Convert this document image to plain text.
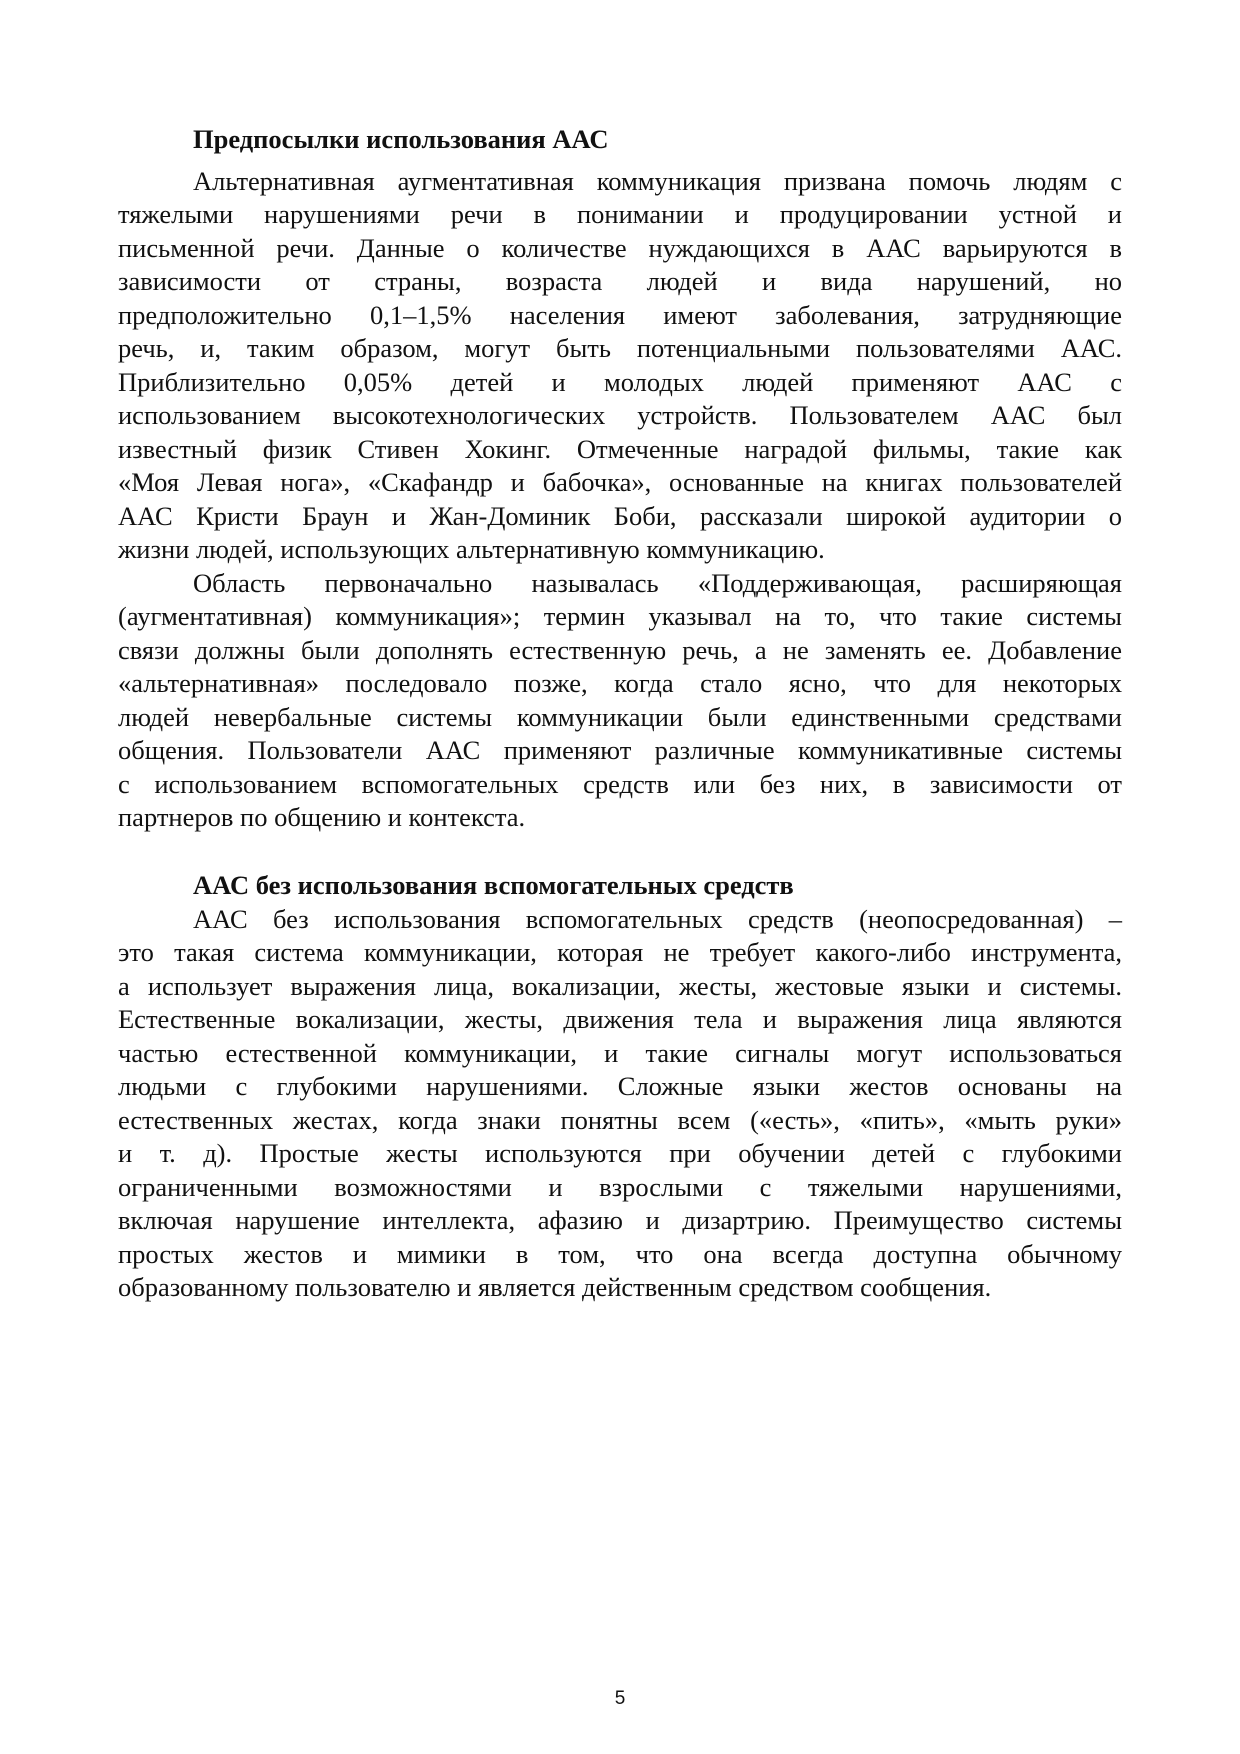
Предпосылки использования ААС
Альтернативная аугментативная коммуникация призвана помочь людям с
тяжелыми нарушениями речи в понимании и продуцировании устной и
письменной речи. Данные о количестве нуждающихся в ААС варьируются в
зависимости от страны, возраста людей и вида нарушений, но
предположительно 0,1–1,5% населения имеют заболевания, затрудняющие
речь, и, таким образом, могут быть потенциальными пользователями ААС.
Приблизительно 0,05% детей и молодых людей применяют ААС с
использованием высокотехнологических устройств. Пользователем ААС был
известный физик Стивен Хокинг. Отмеченные наградой фильмы, такие как
«Моя Левая нога», «Скафандр и бабочка», основанные на книгах пользователей
ААС Кристи Браун и Жан-Доминик Боби, рассказали широкой аудитории о
жизни людей, использующих альтернативную коммуникацию.
Область первоначально называлась «Поддерживающая, расширяющая
(аугментативная) коммуникация»; термин указывал на то, что такие системы
связи должны были дополнять естественную речь, а не заменять ее. Добавление
«альтернативная» последовало позже, когда стало ясно, что для некоторых
людей невербальные системы коммуникации были единственными средствами
общения. Пользователи ААС применяют различные коммуникативные системы
с использованием вспомогательных средств или без них, в зависимости от
партнеров по общению и контекста.
ААС без использования вспомогательных средств
ААС без использования вспомогательных средств (неопосредованная) –
это такая система коммуникации, которая не требует какого-либо инструмента,
а использует выражения лица, вокализации, жесты, жестовые языки и системы.
Естественные вокализации, жесты, движения тела и выражения лица являются
частью естественной коммуникации, и такие сигналы могут использоваться
людьми с глубокими нарушениями. Сложные языки жестов основаны на
естественных жестах, когда знаки понятны всем («есть», «пить», «мыть руки»
и т. д). Простые жесты используются при обучении детей с глубокими
ограниченными возможностями и взрослыми с тяжелыми нарушениями,
включая нарушение интеллекта, афазию и дизартрию. Преимущество системы
простых жестов и мимики в том, что она всегда доступна обычному
образованному пользователю и является действенным средством сообщения.
5
